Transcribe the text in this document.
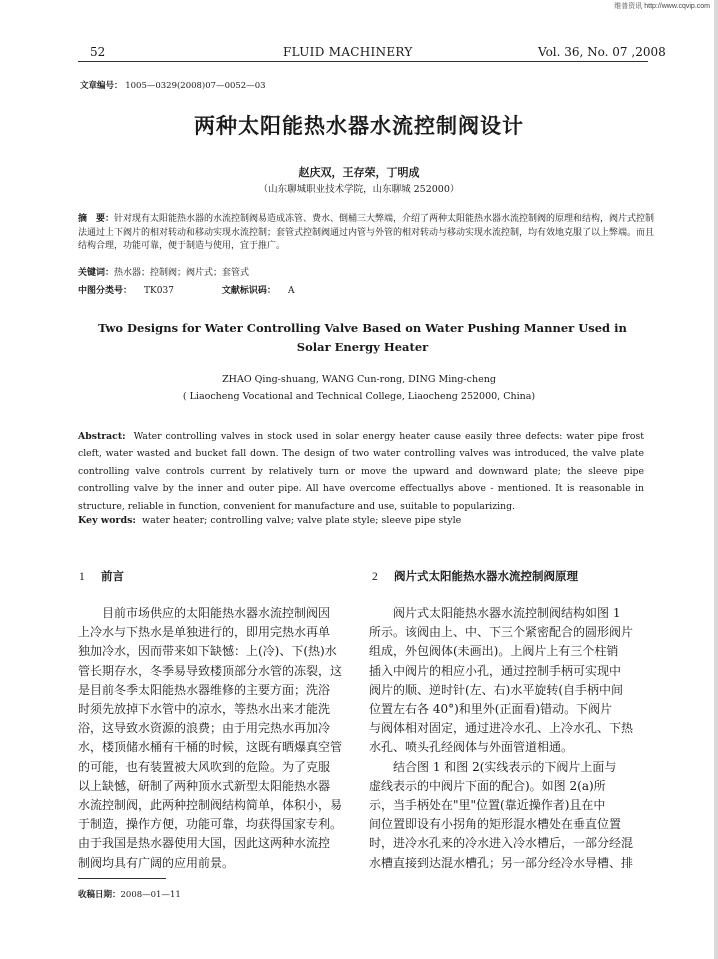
维普资讯 http://www.cqvip.com
52	FLUID MACHINERY	Vol. 36, No. 07 ,2008
文章编号： 1005—0329(2008)07—0052—03
两种太阳能热水器水流控制阀设计
赵庆双，王存荣，丁明成
（山东聊城职业技术学院，山东聊城 252000）
摘　要：针对现有太阳能热水器的水流控制阀易造成冻管、费水、倒桶三大弊端，介绍了两种太阳能热水器水流控制阀的原理和结构，阀片式控制法通过上下阀片的相对转动和移动实现水流控制；套管式控制阀通过内管与外管的相对转动与移动实现水流控制，均有效地克服了以上弊端。而且结构合理，功能可靠，便于制造与使用，宜于推广。
关键词：热水器；控制阀；阀片式；套管式
中图分类号： TK037	文献标识码： A
Two Designs for Water Controlling Valve Based on Water Pushing Manner Used in Solar Energy Heater
ZHAO Qing-shuang, WANG Cun-rong, DING Ming-cheng
( Liaocheng Vocational and Technical College, Liaocheng 252000, China)
Abstract: Water controlling valves in stock used in solar energy heater cause easily three defects: water pipe frost cleft, water wasted and bucket fall down. The design of two water controlling valves was introduced, the valve plate controlling valve controls current by relatively turn or move the upward and downward plate; the sleeve pipe controlling valve by the inner and outer pipe. All have overcome effectuallys above - mentioned. It is reasonable in structure, reliable in function, convenient for manufacture and use, suitable to popularizing.
Key words: water heater; controlling valve; valve plate style; sleeve pipe style
1 前言	2 阀片式太阳能热水器水流控制阀原理
　　目前市场供应的太阳能热水器水流控制阀因
上冷水与下热水是单独进行的，即用完热水再单
独加冷水，因而带来如下缺憾：上(冷)、下(热)水
管长期存水，冬季易导致楼顶部分水管的冻裂，这
是目前冬季太阳能热水器维修的主要方面；洗浴
时须先放掉下水管中的凉水，等热水出来才能洗
浴，这导致水资源的浪费；由于用完热水再加冷
水，楼顶储水桶有干桶的时候，这既有晒爆真空管
的可能，也有装置被大风吹到的危险。为了克服
以上缺憾，研制了两种顶水式新型太阳能热水器
水流控制阀，此两种控制阀结构简单，体积小，易
于制造，操作方便，功能可靠，均获得国家专利。
由于我国是热水器使用大国，因此这两种水流控
制阀均具有广阔的应用前景。
　　阀片式太阳能热水器水流控制阀结构如图 1
所示。该阀由上、中、下三个紧密配合的圆形阀片
组成，外包阀体(未画出)。上阀片上有三个柱销
插入中阀片的相应小孔，通过控制手柄可实现中
阀片的顺、逆时针(左、右)水平旋转(自手柄中间
位置左右各 40°)和里外(正面看)错动。下阀片
与阀体相对固定，通过进冷水孔、上冷水孔、下热
水孔、喷头孔经阀体与外面管道相通。
　　结合图 1 和图 2(实线表示的下阀片上面与
虚线表示的中阀片下面的配合)。如图 2(a)所
示，当手柄处在"里"位置(靠近操作者)且在中
间位置即设有小拐角的矩形混水槽处在垂直位置
时，进冷水孔来的冷水进入冷水槽后，一部分经混
水槽直接到达混水槽孔；另一部分经冷水导槽、排
收稿日期：2008—01—11
